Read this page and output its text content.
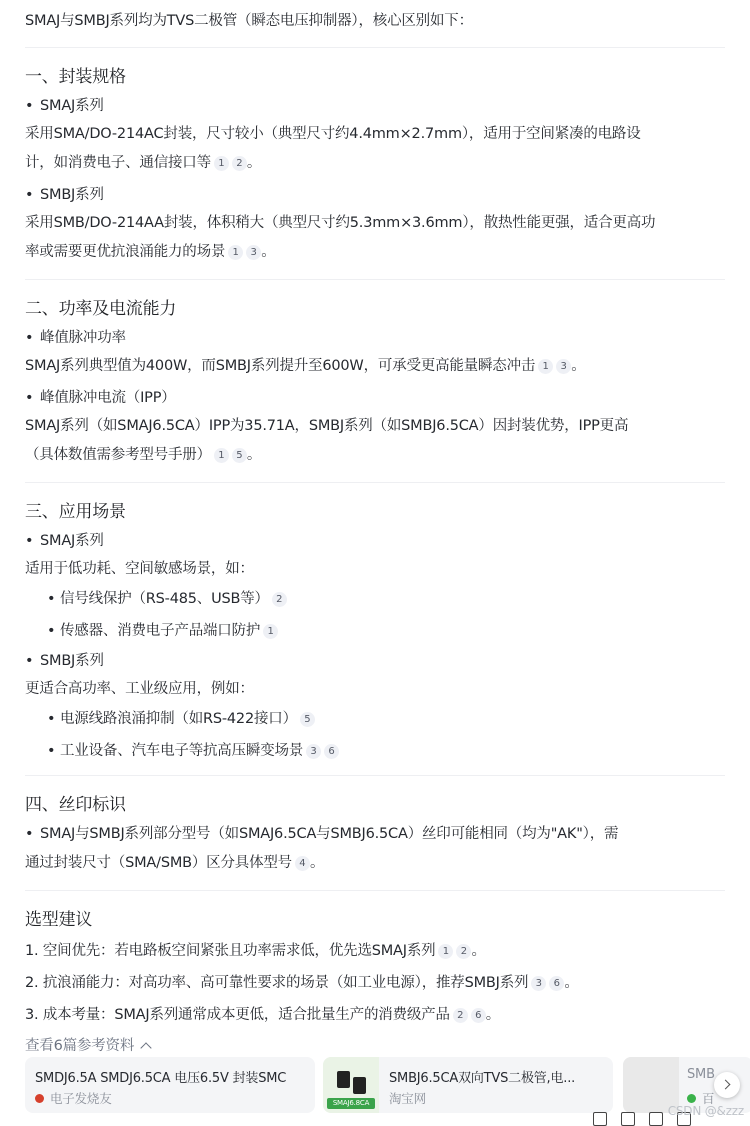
SMAJ与SMBJ系列均为TVS二极管（瞬态电压抑制器），核心区别如下：
一、封装规格
• SMAJ系列
采用SMA/DO-214AC封装，尺寸较小（典型尺寸约4.4mm×2.7mm），适用于空间紧凑的电路设
计，如消费电子、通信接口等 1 2 。
• SMBJ系列
采用SMB/DO-214AA封装，体积稍大（典型尺寸约5.3mm×3.6mm），散热性能更强，适合更高功
率或需要更优抗浪涌能力的场景 1 3 。
二、功率及电流能力
• 峰值脉冲功率
SMAJ系列典型值为400W，而SMBJ系列提升至600W，可承受更高能量瞬态冲击 1 3 。
• 峰值脉冲电流（IPP）
SMAJ系列（如SMAJ6.5CA）IPP为35.71A，SMBJ系列（如SMBJ6.5CA）因封装优势，IPP更高
（具体数值需参考型号手册） 1 5 。
三、应用场景
• SMAJ系列
适用于低功耗、空间敏感场景，如：
• 信号线保护（RS-485、USB等） 2
• 传感器、消费电子产品端口防护 1
• SMBJ系列
更适合高功率、工业级应用，例如：
• 电源线路浪涌抑制（如RS-422接口） 5
• 工业设备、汽车电子等抗高压瞬变场景 3 6
四、丝印标识
• SMAJ与SMBJ系列部分型号（如SMAJ6.5CA与SMBJ6.5CA）丝印可能相同（均为"AK"），需
通过封装尺寸（SMA/SMB）区分具体型号 4 。
选型建议
1. 空间优先：若电路板空间紧张且功率需求低，优先选SMAJ系列 1 2 。
2. 抗浪涌能力：对高功率、高可靠性要求的场景（如工业电源），推荐SMBJ系列 3 6 。
3. 成本考量：SMAJ系列通常成本更低，适合批量生产的消费级产品 2 6 。
查看6篇参考资料
SMDJ6.5A SMDJ6.5CA 电压6.5V 封装SMC
电子发烧友	SMAJ6.8CA
SMBJ6.5CA双向TVS二极管,电...
淘宝网
SMB
百
CSDN @&zzz
